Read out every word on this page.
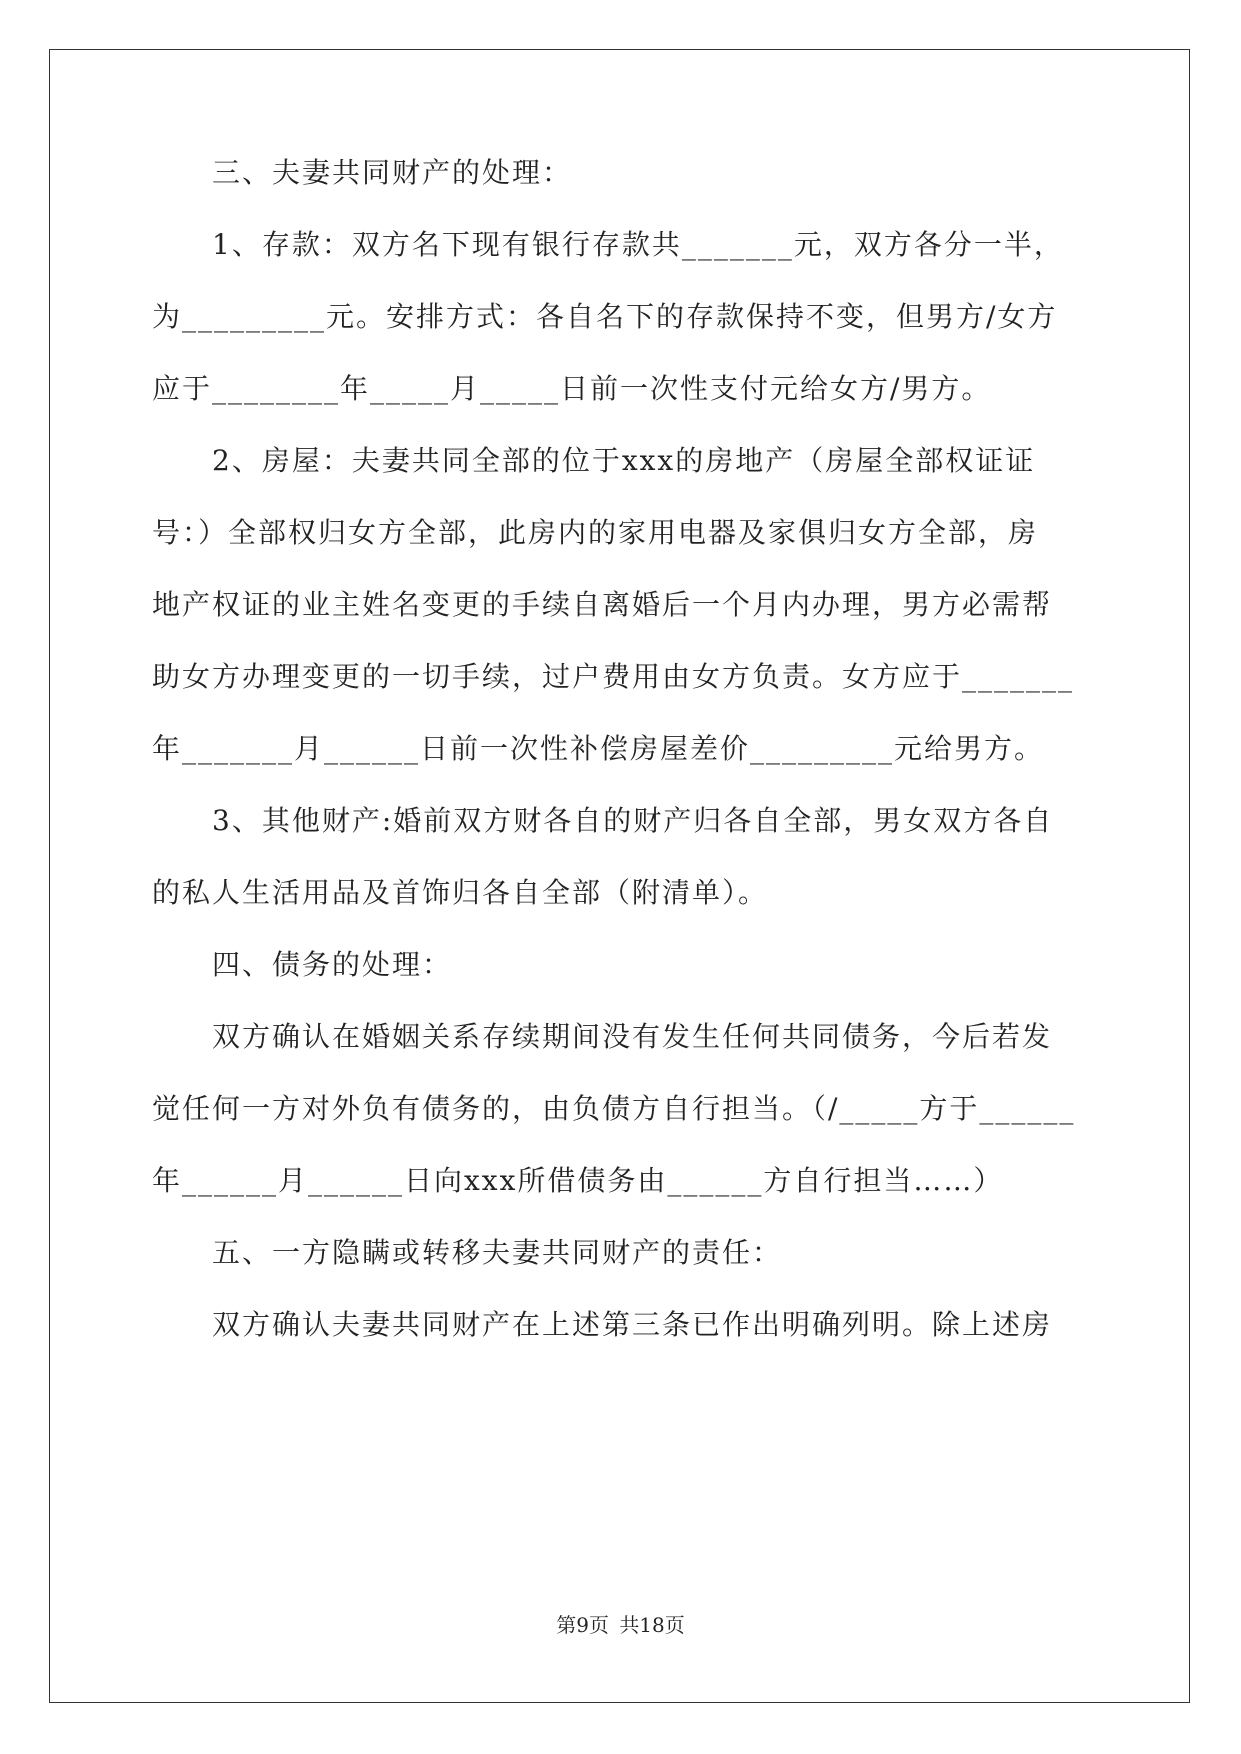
　　三、夫妻共同财产的处理：
　　1、存款：双方名下现有银行存款共_______元，双方各分一半，
为_________元。安排方式：各自名下的存款保持不变，但男方/女方
应于________年_____月_____日前一次性支付元给女方/男方。
　　2、房屋：夫妻共同全部的位于xxx的房地产（房屋全部权证证
号：）全部权归女方全部，此房内的家用电器及家俱归女方全部，房
地产权证的业主姓名变更的手续自离婚后一个月内办理，男方必需帮
助女方办理变更的一切手续，过户费用由女方负责。女方应于_______
年_______月______日前一次性补偿房屋差价_________元给男方。
　　3、其他财产:婚前双方财各自的财产归各自全部，男女双方各自
的私人生活用品及首饰归各自全部（附清单）。
　　四、债务的处理：
　　双方确认在婚姻关系存续期间没有发生任何共同债务，今后若发
觉任何一方对外负有债务的，由负债方自行担当。（/_____方于______
年______月______日向xxx所借债务由______方自行担当……）
　　五、一方隐瞒或转移夫妻共同财产的责任：
　　双方确认夫妻共同财产在上述第三条已作出明确列明。除上述房
第9页 共18页
